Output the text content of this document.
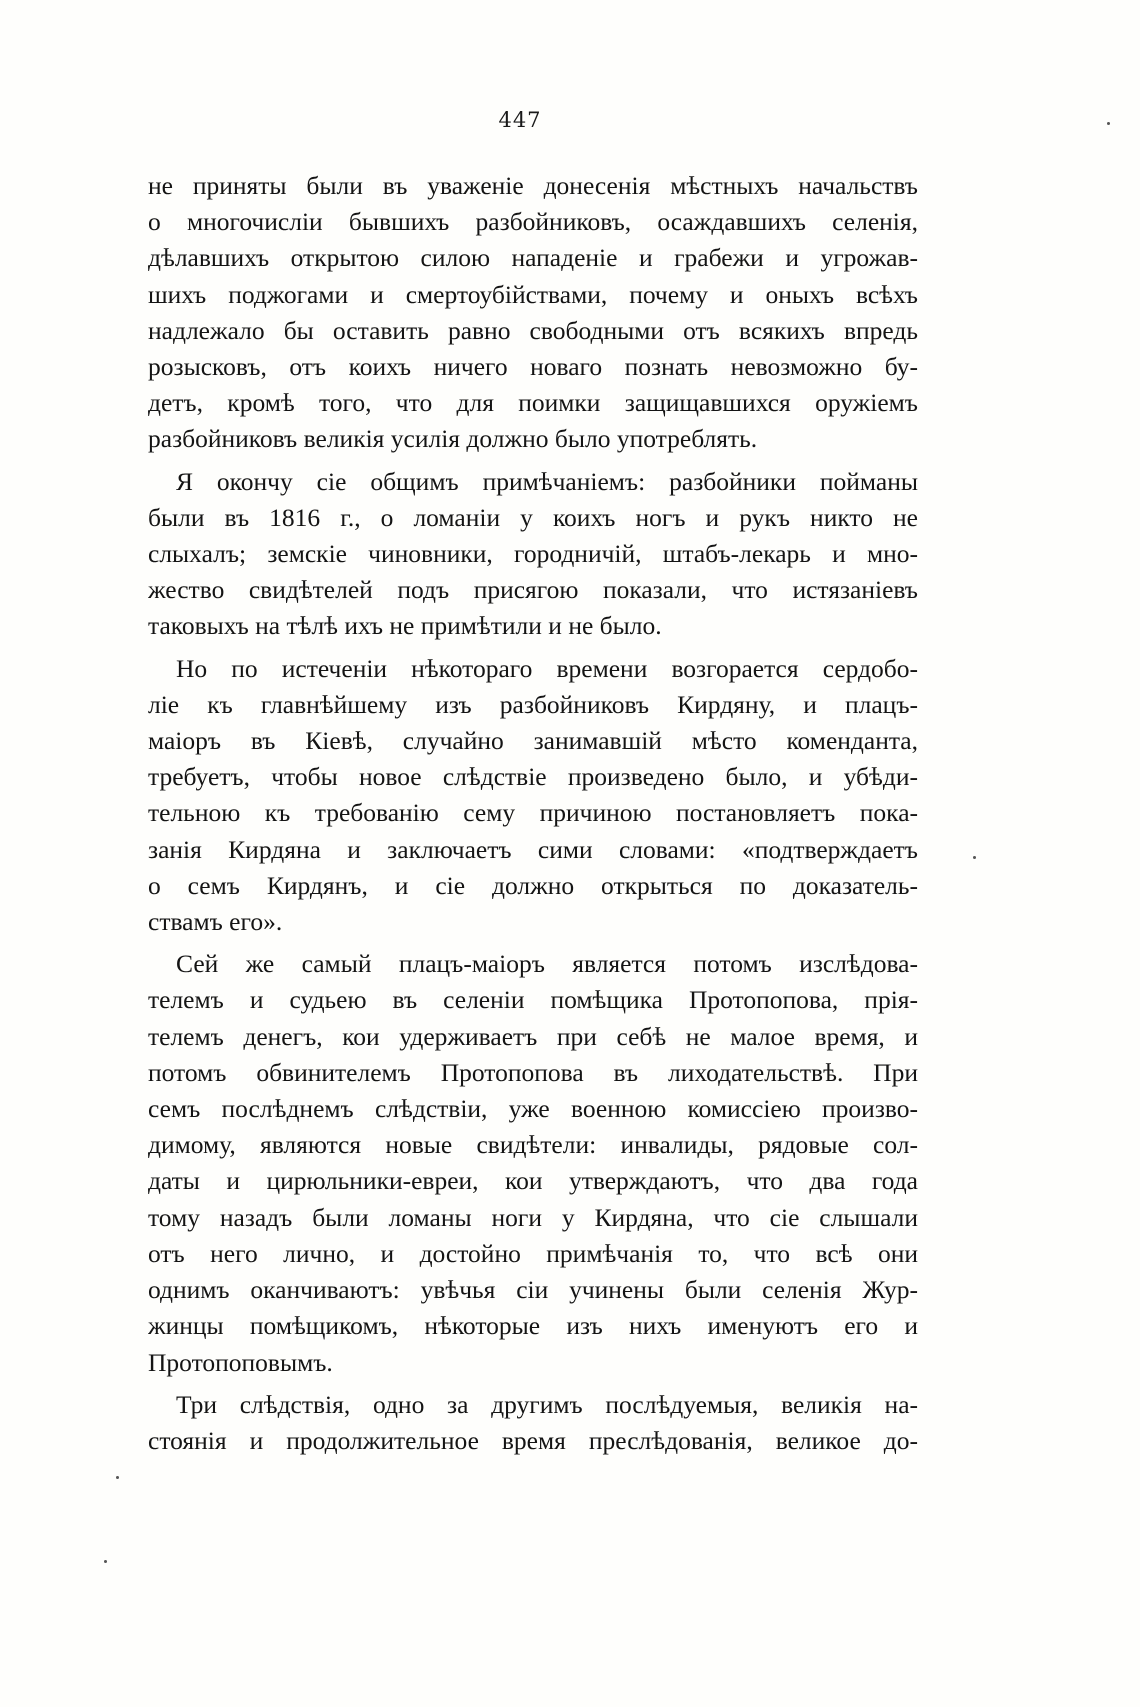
447
не приняты были въ уваженіе донесенія мѣстныхъ начальствъ
о многочисліи бывшихъ разбойниковъ, осаждавшихъ селенія,
дѣлавшихъ открытою силою нападеніе и грабежи и угрожав-
шихъ поджогами и смертоубійствами, почему и оныхъ всѣхъ
надлежало бы оставить равно свободными отъ всякихъ впредь
розысковъ, отъ коихъ ничего новаго познать невозможно бу-
детъ, кромѣ того, что для поимки защищавшихся оружіемъ
разбойниковъ великія усилія должно было употреблять.
Я окончу сіе общимъ примѣчаніемъ: разбойники пойманы
были въ 1816 г., о ломаніи у коихъ ногъ и рукъ никто не
слыхалъ; земскіе чиновники, городничій, штабъ-лекарь и мно-
жество свидѣтелей подъ присягою показали, что истязаніевъ
таковыхъ на тѣлѣ ихъ не примѣтили и не было.
Но по истеченіи нѣкотораго времени возгорается сердобо-
ліе къ главнѣйшему изъ разбойниковъ Кирдяну, и плацъ-
маіоръ въ Кіевѣ, случайно занимавшій мѣсто коменданта,
требуетъ, чтобы новое слѣдствіе произведено было, и убѣди-
тельною къ требованію сему причиною постановляетъ пока-
занія Кирдяна и заключаетъ сими словами: «подтверждаетъ
о семъ Кирдянъ, и сіе должно открыться по доказатель-
ствамъ его».
Сей же самый плацъ-маіоръ является потомъ изслѣдова-
телемъ и судьею въ селеніи помѣщика Протопопова, прія-
телемъ денегъ, кои удерживаетъ при себѣ не малое время, и
потомъ обвинителемъ Протопопова въ лиходательствѣ. При
семъ послѣднемъ слѣдствіи, уже военною комиссіею произво-
димому, являются новые свидѣтели: инвалиды, рядовые сол-
даты и цирюльники-евреи, кои утверждаютъ, что два года
тому назадъ были ломаны ноги у Кирдяна, что сіе слышали
отъ него лично, и достойно примѣчанія то, что всѣ они
однимъ оканчиваютъ: увѣчья сіи учинены были селенія Жур-
жинцы помѣщикомъ, нѣкоторые изъ нихъ именуютъ его и
Протопоповымъ.
Три слѣдствія, одно за другимъ послѣдуемыя, великія на-
стоянія и продолжительное время преслѣдованія, великое до-
